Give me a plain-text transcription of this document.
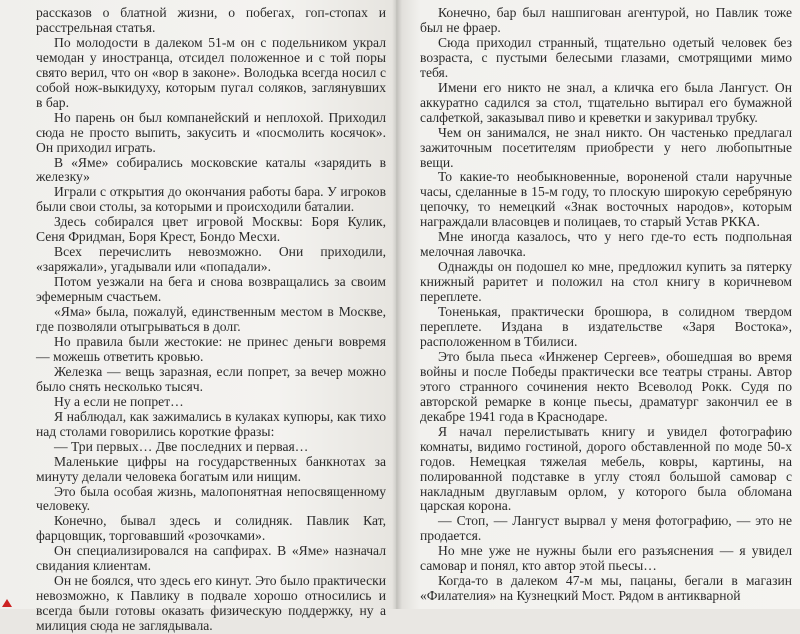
рассказов о блатной жизни, о побегах, гоп-стопах и расстрельная статья.

По молодости в далеком 51-м он с подельником украл чемодан у иностранца, отсидел положенное и с той поры свято верил, что он «вор в законе». Володька всегда носил с собой нож-выкидуху, которым пугал соляков, заглянувших в бар.

Но парень он был компанейский и неплохой. Приходил сюда не просто выпить, закусить и «посмолить косячок». Он приходил играть.

В «Яме» собирались московские каталы «зарядить в железку»

Играли с открытия до окончания работы бара. У игроков были свои столы, за которыми и происходили баталии.

Здесь собирался цвет игровой Москвы: Боря Кулик, Сеня Фридман, Боря Крест, Бондо Месхи.

Всех перечислить невозможно. Они приходили, «заряжали», угадывали или «попадали».

Потом уезжали на бега и снова возвращались за своим эфемерным счастьем.

«Яма» была, пожалуй, единственным местом в Москве, где позволяли отыгрываться в долг.

Но правила были жестокие: не принес деньги вовремя — можешь ответить кровью.

Железка — вещь заразная, если попрет, за вечер можно было снять несколько тысяч.

Ну а если не попрет…

Я наблюдал, как зажимались в кулаках купюры, как тихо над столами говорились короткие фразы:

— Три первых… Две последних и первая…

Маленькие цифры на государственных банкнотах за минуту делали человека богатым или нищим.

Это была особая жизнь, малопонятная непосвященному человеку.

Конечно, бывал здесь и солидняк. Павлик Кат, фарцовщик, торговавший «розочками».

Он специализировался на сапфирах. В «Яме» назначал свидания клиентам.

Он не боялся, что здесь его кинут. Это было практически невозможно, к Павлику в подвале хорошо относились и всегда были готовы оказать физическую поддержку, ну а милиция сюда не заглядывала.

Конечно, бар был нашпигован агентурой, но Павлик тоже был не фраер.

Сюда приходил странный, тщательно одетый человек без возраста, с пустыми белесыми глазами, смотрящими мимо тебя.

Имени его никто не знал, а кличка его была Лангуст. Он аккуратно садился за стол, тщательно вытирал его бумажной салфеткой, заказывал пиво и креветки и закуривал трубку.

Чем он занимался, не знал никто. Он частенько предлагал зажиточным посетителям приобрести у него любопытные вещи.

То какие-то необыкновенные, вороненой стали наручные часы, сделанные в 15-м году, то плоскую широкую серебряную цепочку, то немецкий «Знак восточных народов», которым награждали власовцев и полицаев, то старый Устав РККА.

Мне иногда казалось, что у него где-то есть подпольная мелочная лавочка.

Однажды он подошел ко мне, предложил купить за пятерку книжный раритет и положил на стол книгу в коричневом переплете.

Тоненькая, практически брошюра, в солидном твердом переплете. Издана в издательстве «Заря Востока», расположенном в Тбилиси.

Это была пьеса «Инженер Сергеев», обошедшая во время войны и после Победы практически все театры страны. Автор этого странного сочинения некто Всеволод Рокк. Судя по авторской ремарке в конце пьесы, драматург закончил ее в декабре 1941 года в Краснодаре.

Я начал перелистывать книгу и увидел фотографию комнаты, видимо гостиной, дорого обставленной по моде 50-х годов. Немецкая тяжелая мебель, ковры, картины, на полированной подставке в углу стоял большой самовар с накладным двуглавым орлом, у которого была обломана царская корона.

— Стоп, — Лангуст вырвал у меня фотографию, — это не продается.

Но мне уже не нужны были его разъяснения — я увидел самовар и понял, кто автор этой пьесы…

Когда-то в далеком 47-м мы, пацаны, бегали в магазин «Филателия» на Кузнецкий Мост. Рядом в антикварной
